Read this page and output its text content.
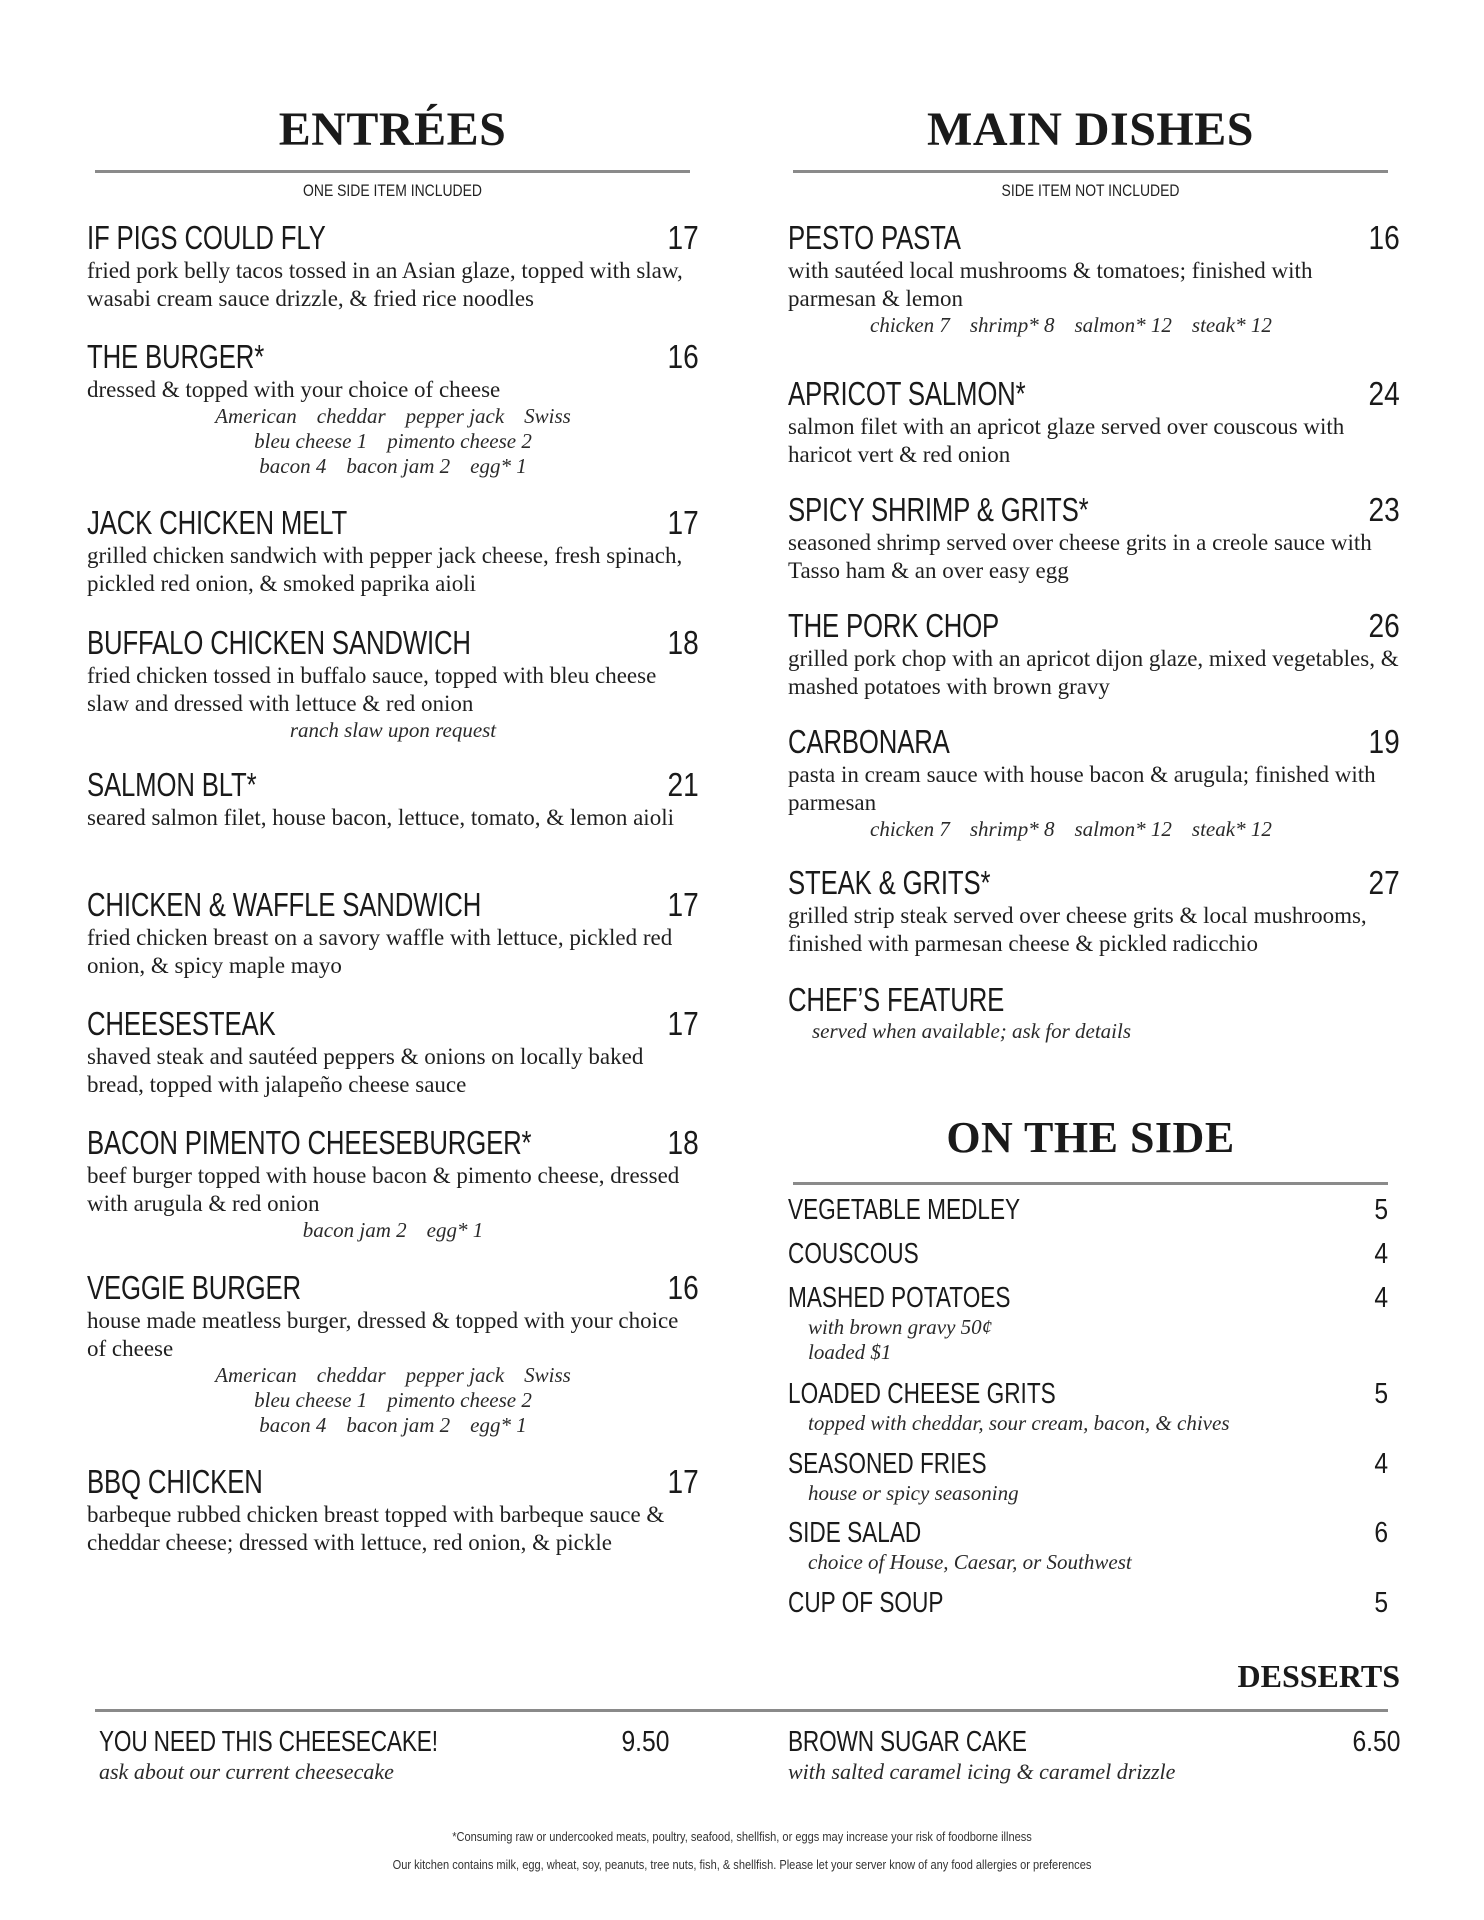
ENTRÉES
ONE SIDE ITEM INCLUDED
MAIN DISHES
SIDE ITEM NOT INCLUDED
IF PIGS COULD FLY	17

fried pork belly tacos tossed in an Asian glaze, topped with slaw, wasabi cream sauce drizzle, & fried rice noodles

THE BURGER*	16

dressed & topped with your choice of cheese

American cheddar pepper jack Swiss
bleu cheese 1 pimento cheese 2
bacon 4 bacon jam 2 egg* 1
JACK CHICKEN MELT	17

grilled chicken sandwich with pepper jack cheese, fresh spinach, pickled red onion, & smoked paprika aioli

BUFFALO CHICKEN SANDWICH	18

fried chicken tossed in buffalo sauce, topped with bleu cheese slaw and dressed with lettuce & red onion

ranch slaw upon request
SALMON BLT*	21

seared salmon filet, house bacon, lettuce, tomato, & lemon aioli

CHICKEN & WAFFLE SANDWICH	17

fried chicken breast on a savory waffle with lettuce, pickled red onion, & spicy maple mayo

CHEESESTEAK	17

shaved steak and sautéed peppers & onions on locally baked bread, topped with jalapeño cheese sauce

BACON PIMENTO CHEESEBURGER*	18

beef burger topped with house bacon & pimento cheese, dressed with arugula & red onion

bacon jam 2 egg* 1
VEGGIE BURGER	16

house made meatless burger, dressed & topped with your choice of cheese

American cheddar pepper jack Swiss
bleu cheese 1 pimento cheese 2
bacon 4 bacon jam 2 egg* 1
BBQ CHICKEN	17

barbeque rubbed chicken breast topped with barbeque sauce & cheddar cheese; dressed with lettuce, red onion, & pickle

PESTO PASTA	16

with sautéed local mushrooms & tomatoes; finished with parmesan & lemon

chicken 7 shrimp* 8 salmon* 12 steak* 12
APRICOT SALMON*	24

salmon filet with an apricot glaze served over couscous with haricot vert & red onion

SPICY SHRIMP & GRITS*	23

seasoned shrimp served over cheese grits in a creole sauce with Tasso ham & an over easy egg

THE PORK CHOP	26

grilled pork chop with an apricot dijon glaze, mixed vegetables, & mashed potatoes with brown gravy

CARBONARA	19

pasta in cream sauce with house bacon & arugula; finished with parmesan

chicken 7 shrimp* 8 salmon* 12 steak* 12
STEAK & GRITS*	27

grilled strip steak served over cheese grits & local mushrooms, finished with parmesan cheese & pickled radicchio

CHEF’S FEATURE
served when available; ask for details
ON THE SIDE
VEGETABLE MEDLEY	5
COUSCOUS	4
MASHED POTATOES	4
with brown gravy 50¢
loaded $1
LOADED CHEESE GRITS	5
topped with cheddar, sour cream, bacon, & chives
SEASONED FRIES	4
house or spicy seasoning
SIDE SALAD	6
choice of House, Caesar, or Southwest
CUP OF SOUP	5
DESSERTS
YOU NEED THIS CHEESECAKE!	9.50
ask about our current cheesecake
BROWN SUGAR CAKE	6.50
with salted caramel icing & caramel drizzle
*Consuming raw or undercooked meats, poultry, seafood, shellfish, or eggs may increase your risk of foodborne illness
Our kitchen contains milk, egg, wheat, soy, peanuts, tree nuts, fish, & shellfish. Please let your server know of any food allergies or preferences
